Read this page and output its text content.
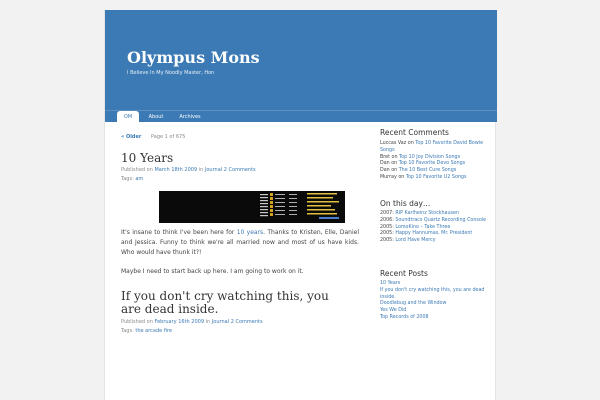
Olympus Mons
I Believe In My Noodly Master, Hon
OM	About	Archives
« Older Page 1 of 675
10 Years
Published on March 18th 2009 in Journal 2 Comments
Tags: am
It's insane to think I've been here for 10 years. Thanks to Kristen, Elle, Daniel and Jessica. Funny to think we're all married now and most of us have kids. Who would have thunk it?!
Maybe I need to start back up here. I am going to work on it.
If you don't cry watching this, you are dead inside.
Published on February 16th 2009 in Journal 2 Comments
Tags: the arcade fire
Recent Comments
Luccas Vaz on Top 10 Favorite David Bowie Songs
Bret on Top 10 Joy Division Songs
Dan on Top 10 Favorite Devo Songs
Dan on The 10 Best Cure Songs
Murray on Top 10 Favorite U2 Songs
On this day…
2007: RIP Karlheinz Stockhausen
2006: Soundtracs Quartz Recording Console
2005: LomoKino – Take Three
2005: Happy Hannumas, Mr. President
2005: Lord Have Mercy
Recent Posts
10 Years
If you don't cry watching this, you are dead inside.
Doodlebug and the Window
Yes We Did
Top Records of 2008
